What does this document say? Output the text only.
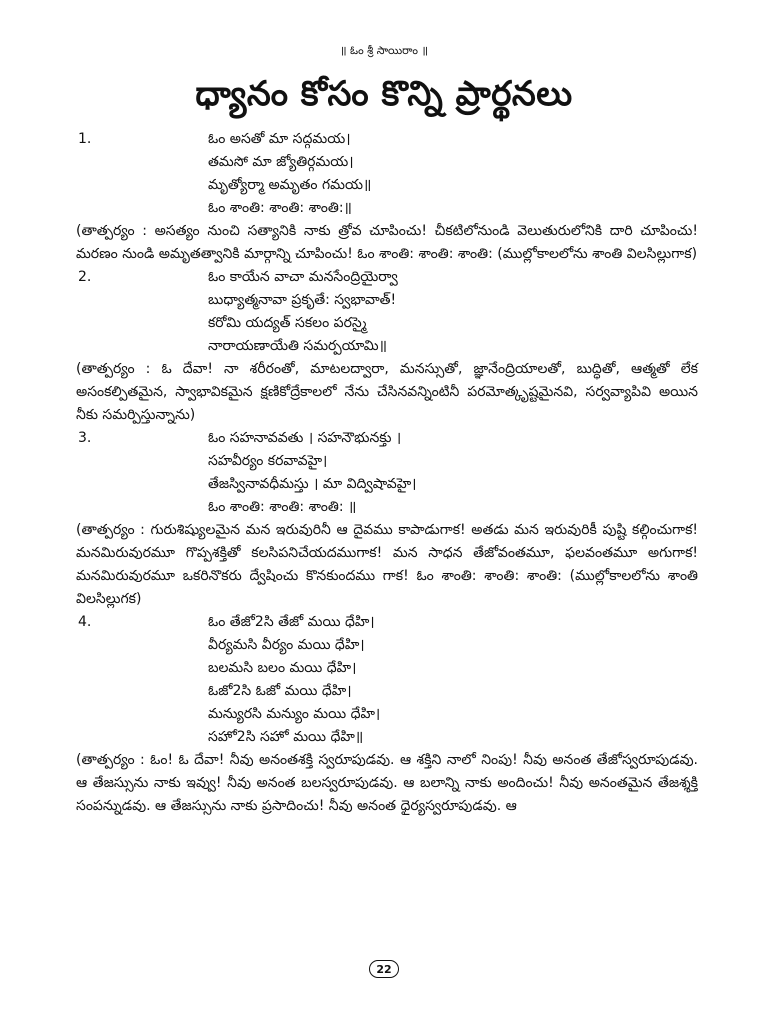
॥ ఓం శ్రీ సాయిరాం ॥
ధ్యానం కోసం కొన్ని ప్రార్థనలు
1.	ఓం అసతో మా సద్గమయ।
తమసో మా జ్యోతిర్గమయ।
మృత్యోర్మా అమృతం గమయ॥
ఓం శాంతి: శాంతి: శాంతి:॥
(తాత్పర్యం : అసత్యం నుంచి సత్యానికి నాకు త్రోవ చూపించు! చీకటిలోనుండి వెలుతురులోనికి దారి చూపించు! మరణం నుండి అమృతత్వానికి మార్గాన్ని చూపించు! ఓం శాంతి: శాంతి: శాంతి: (ముల్లోకాలలోను శాంతి విలసిల్లుగాక)
2.	ఓం కాయేన వాచా మనసేంద్రియైర్వా
బుధ్యాత్మనావా ప్రకృతే: స్వభావాత్!
కరోమి యద్యత్ సకలం పరస్మై
నారాయణాయేతి సమర్పయామి॥
(తాత్పర్యం : ఓ దేవా! నా శరీరంతో, మాటలద్వారా, మనస్సుతో, జ్ఞానేంద్రియాలతో, బుద్ధితో, ఆత్మతో లేక అసంకల్పితమైన, స్వాభావికమైన క్షణికోద్రేకాలలో నేను చేసినవన్నింటినీ పరమోత్కృష్టమైనవి, సర్వవ్యాపివి అయిన నీకు సమర్పిస్తున్నాను)
3.	ఓం సహనావవతు । సహనౌభునక్తు ।
సహవీర్యం కరవావహై।
తేజస్వినావధీమస్తు । మా విద్విషావహై।
ఓం శాంతి: శాంతి: శాంతి: ॥
(తాత్పర్యం : గురుశిష్యులమైన మన ఇరువురినీ ఆ దైవము కాపాడుగాక! అతడు మన ఇరువురికీ పుష్టి కల్గించుగాక! మనమిరువురమూ గొప్పశక్తితో కలసిపనిచేయదముగాక! మన సాధన తేజోవంతమూ, ఫలవంతమూ అగుగాక! మనమిరువురమూ ఒకరినొకరు ద్వేషించు కొనకుందము గాక! ఓం శాంతి: శాంతి: శాంతి: (ముల్లోకాలలోను శాంతి విలసిల్లుగక)
4.	ఓం తేజో2సి తేజో మయి ధేహి।
వీర్యమసి వీర్యం మయి ధేహి।
బలమసి బలం మయి ధేహి।
ఓజో2సి ఓజో మయి ధేహి।
మన్యురసి మన్యుం మయి ధేహి।
సహో2సి సహో మయి ధేహి॥
(తాత్పర్యం : ఓం! ఓ దేవా! నీవు అనంతశక్తి స్వరూపుడవు. ఆ శక్తిని నాలో నింపు! నీవు అనంత తేజోస్వరూపుడవు. ఆ తేజస్సును నాకు ఇవ్వు! నీవు అనంత బలస్వరూపుడవు. ఆ బలాన్ని నాకు అందించు! నీవు అనంతమైన తేజశ్శక్తి సంపన్నుడవు. ఆ తేజస్సును నాకు ప్రసాదించు! నీవు అనంత ధైర్యస్వరూపుడవు. ఆ
22
